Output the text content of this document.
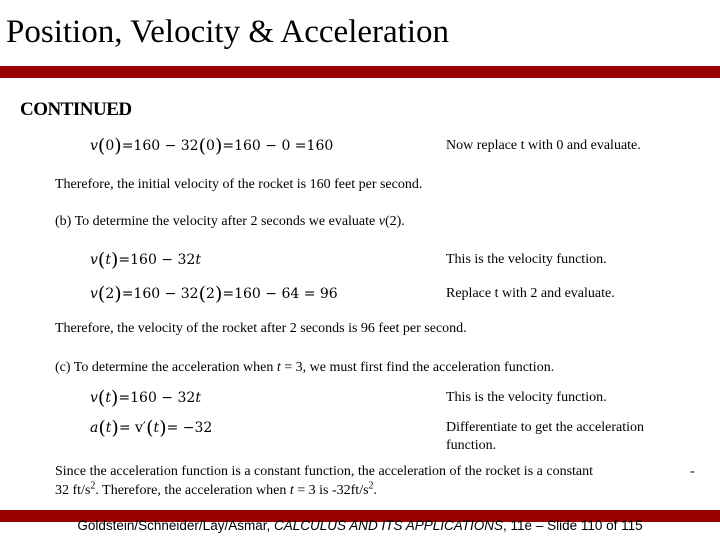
Position, Velocity & Acceleration
CONTINUED
v(0)=160 − 32(0)=160 − 0 =160	Now replace t with 0 and evaluate.
Therefore, the initial velocity of the rocket is 160 feet per second.
(b) To determine the velocity after 2 seconds we evaluate v(2).
v(t)=160 − 32t	This is the velocity function.
v(2)=160 − 32(2)=160 − 64 = 96	Replace t with 2 and evaluate.
Therefore, the velocity of the rocket after 2 seconds is 96 feet per second.
(c) To determine the acceleration when t = 3, we must first find the acceleration function.
v(t)=160 − 32t	This is the velocity function.
a(t)= v′(t)= −32	Differentiate to get the acceleration function.
Since the acceleration function is a constant function, the acceleration of the rocket is a constant	-
32 $ft/s^2$. Therefore, the acceleration when t = 3 is $-32ft/s^2$.
Goldstein/Schneider/Lay/Asmar, CALCULUS AND ITS APPLICATIONS, 11e – Slide 110 of 115
